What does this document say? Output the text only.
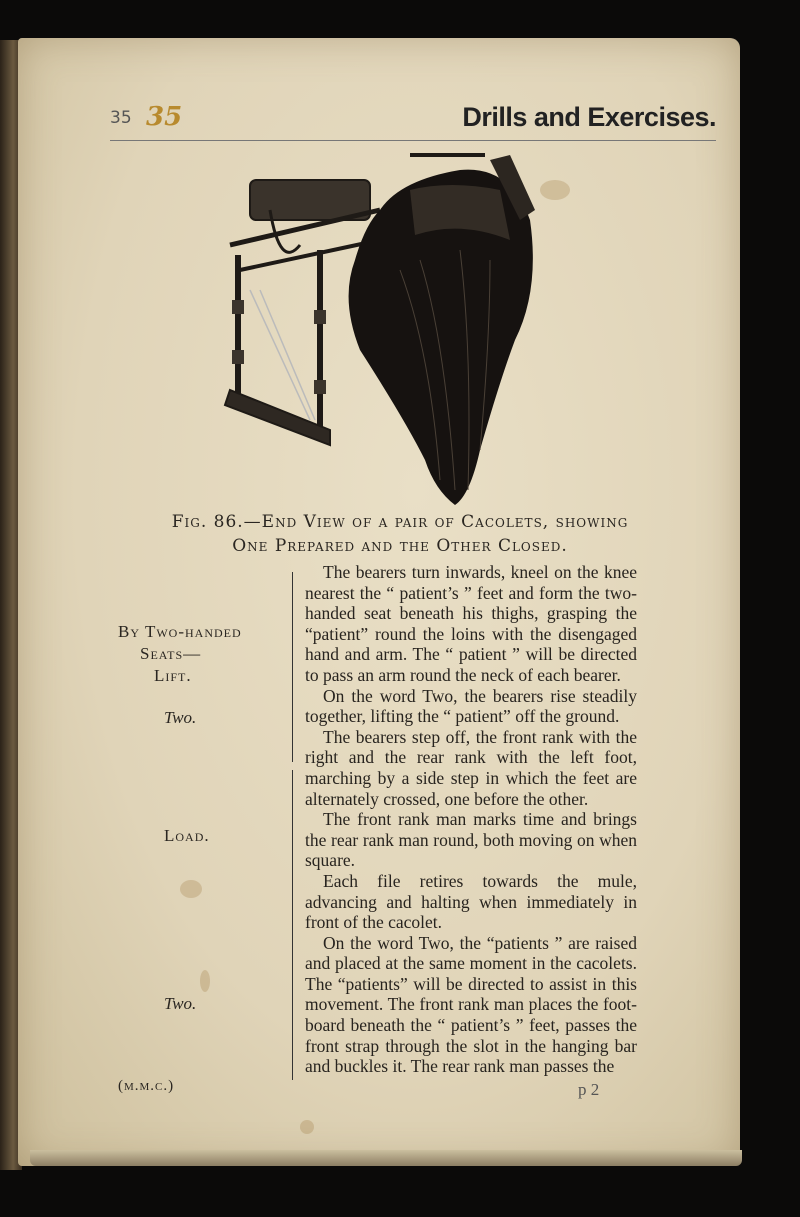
35 35	Drills and Exercises.
Fig. 86.—End View of a pair of Cacolets, showing
One Prepared and the Other Closed.
By Two-handed
Seats—
Lift.
Two.
Load.
Two.
(m.m.c.)

The bearers turn inwards, kneel on the knee nearest the “ patient’s ” feet and form the two-handed seat beneath his thighs, grasping the “patient” round the loins with the disengaged hand and arm. The “ patient ” will be directed to pass an arm round the neck of each bearer.

On the word Two, the bearers rise steadily together, lifting the “ patient” off the ground.

The bearers step off, the front rank with the right and the rear rank with the left foot, marching by a side step in which the feet are alternately crossed, one before the other.

The front rank man marks time and brings the rear rank man round, both moving on when square.

Each file retires towards the mule, advancing and halting when immediately in front of the cacolet.

On the word Two, the “patients ” are raised and placed at the same moment in the cacolets. The “patients” will be directed to assist in this movement. The front rank man places the foot-board beneath the “ patient’s ” feet, passes the front strap through the slot in the hanging bar and buckles it. The rear rank man passes the

p 2
